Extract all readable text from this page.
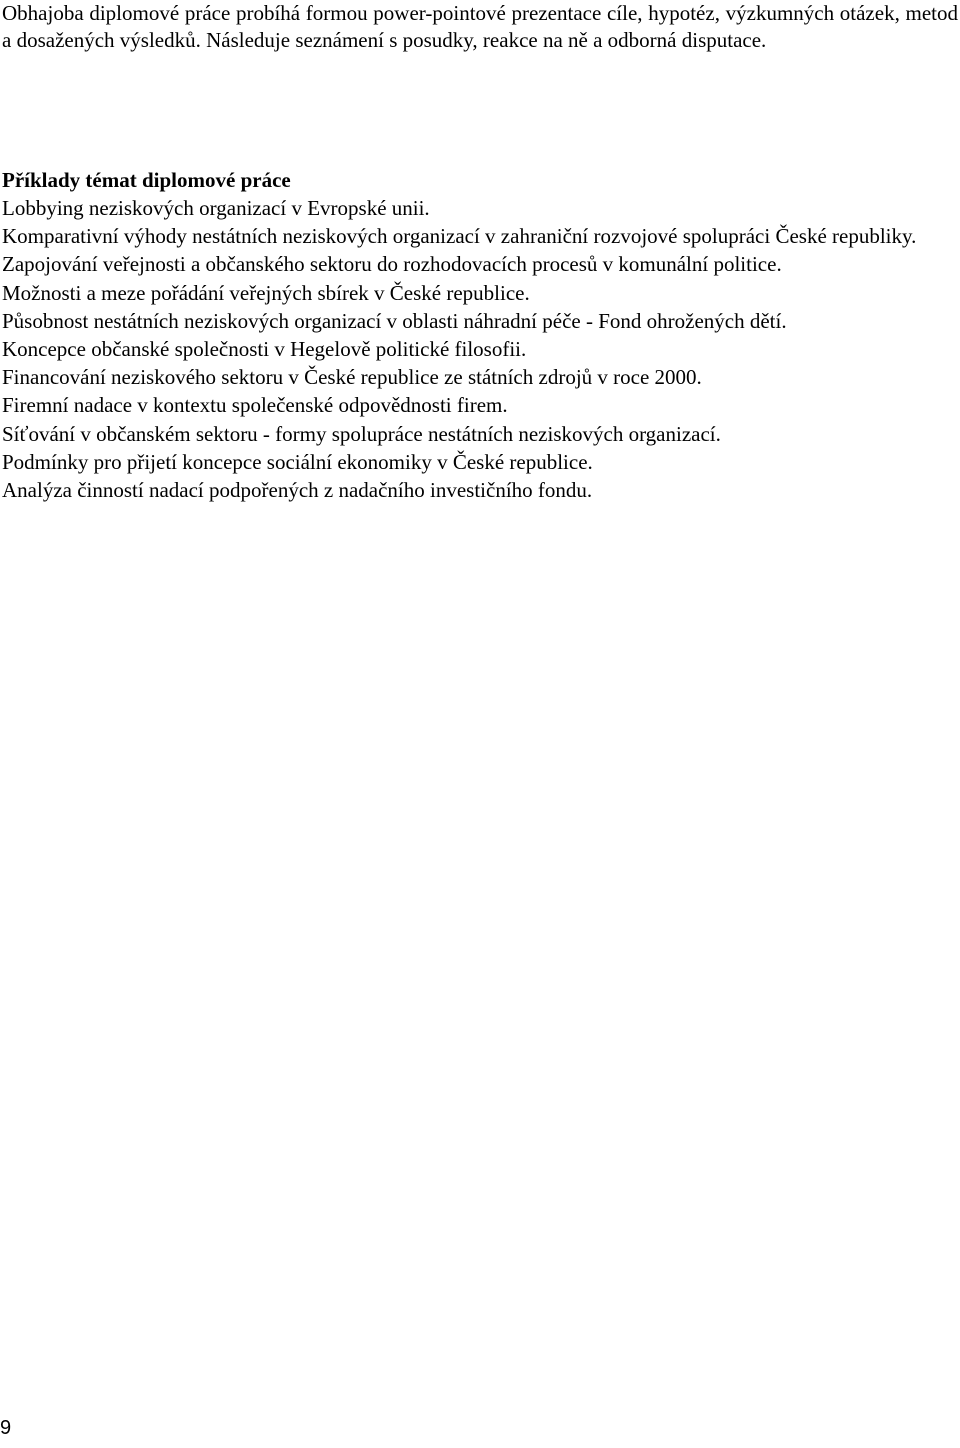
Obhajoba diplomové práce probíhá formou power-pointové prezentace cíle, hypotéz, výzkumných otázek, metod a dosažených výsledků. Následuje seznámení s posudky, reakce na ně a odborná disputace.

Příklady témat diplomové práce
Lobbying neziskových organizací v Evropské unii.
Komparativní výhody nestátních neziskových organizací v zahraniční rozvojové spolupráci České republiky.
Zapojování veřejnosti a občanského sektoru do rozhodovacích procesů v komunální politice.
Možnosti a meze pořádání veřejných sbírek v České republice.
Působnost nestátních neziskových organizací v oblasti náhradní péče - Fond ohrožených dětí.
Koncepce občanské společnosti v Hegelově politické filosofii.
Financování neziskového sektoru v České republice ze státních zdrojů v roce 2000.
Firemní nadace v kontextu společenské odpovědnosti firem.
Síťování v občanském sektoru - formy spolupráce nestátních neziskových organizací.
Podmínky pro přijetí koncepce sociální ekonomiky v České republice.
Analýza činností nadací podpořených z nadačního investičního fondu.
9
